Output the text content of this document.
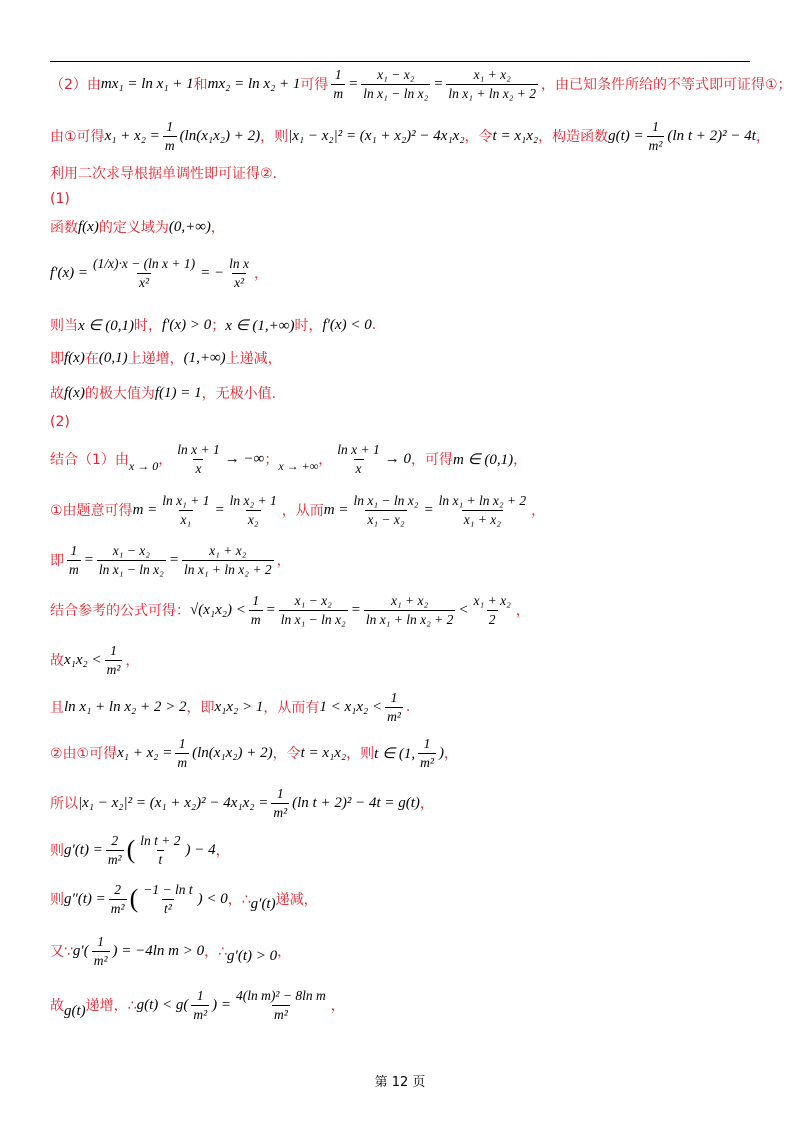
（2）由 mx₁ = ln x₁ + 1 和 mx₂ = ln x₂ + 1 可得 $\frac{1}{m} = \frac{\text{x₁ − x₂}}{\text{ln x₁ − ln x₂}} = \frac{\text{x₁ + x₂}}{\text{ln x₁ + ln x₂ + 2}}$ ，由已知条件所给的不等式即可证得①；
由①可得 $x_1 + x_2 = \frac{1}{m} (\ln(x_1x_2) + 2)$ ，则 |x₁ − x₂|² = (x₁ + x₂)² − 4x₁x₂ ，令 t = x₁x₂ ，构造函数 $g(t) = \frac{1}{\text{m²}} (\ln$ t + 2)² − 4t ，
利用二次求导根据单调性即可证得②.
(1)
函数 f(x) 的定义域为 (0,+∞) ，
$f'(x) = \frac{\text{(1/x)·x − (ln x + 1)}}{\text{x²}}$ = − $\frac{\text{ln x}}{\text{x²}}$ ，
则当 x ∈ (0,1) 时， f′(x) > 0 ； x ∈ (1,+∞) 时， f′(x) < 0 .
即 f(x) 在 (0,1) 上递增， (1,+∞) 上递减，
故 f(x) 的极大值为 f(1) = 1 ，无极小值.
(2)
结合（1）由 x → 0 ， $\frac{\text{ln x + 1}}{x}$ → −∞ ； x → +∞ ， $\frac{\text{ln x + 1}}{x} \to 0$ ，可得 m ∈ (0,1) ，
①由题意可得 $m = \frac{\text{ln x₁ + 1}}{\text{x₁}} = \frac{\text{ln x₂ + 1}}{\text{x₂}}$ ，从而 $m = \frac{\text{ln x₁ − ln x₂}}{\text{x₁ − x₂}} = \frac{\text{ln x₁ + ln x₂ + 2}}{\text{x₁ + x₂}}$ ，
即 $\frac{1}{m} = \frac{\text{x₁ − x₂}}{\text{ln x₁ − ln x₂}} = \frac{\text{x₁ + x₂}}{\text{ln x₁ + ln x₂ + 2}}$ ，
结合参考的公式可得： $√(x_1x_2) < \frac{1}{m} = \frac{\text{x₁ − x₂}}{\text{ln x₁ − ln x₂}} = \frac{\text{x₁ + x₂}}{\text{ln x₁ + ln x₂ + 2}} < \frac{\text{x₁ + x₂}}{2}$ ，
故 $x_1x_2 < \frac{1}{\text{m²}}$ ，
且 ln x₁ + ln x₂ + 2 > 2 ，即 x₁x₂ > 1 ，从而有 $1 < x_1x_2 < \frac{1}{\text{m²}}$ .
②由①可得 $x_1 + x_2 = \frac{1}{m} (\ln(x_1x_2) + 2)$ ，令 t = x₁x₂ ，则 t ∈ (1, $\frac{1}{\text{m²}}$ ) ，
所以 $|x_1 - x_2|^2 = (x_1 + x_2)^2 - 4x_1x_2 = \frac{1}{\text{m²}} (\ln$ t + 2)² − 4t = g(t) ，
则 $g'(t) = \frac{2}{\text{m²}}$ ( $\frac{\text{ln t + 2}}{t}$ ) − 4 ，
则 $g''(t) = \frac{2}{\text{m²}}$ ( $\frac{\text{−1 − ln t}}{\text{t²}}$ ) < 0 ，∴ g′(t) 递减，
又∵ $g'( \frac{1}{\text{m²}}$ ) = −4ln m > 0 ，∴ g′(t) > 0 ，
故 g(t) 递增，∴ $g(t) < g( \frac{1}{\text{m²}}$ ) = $\frac{\text{4(ln m)² − 8ln m}}{\text{m²}}$ ，
第 12 页
